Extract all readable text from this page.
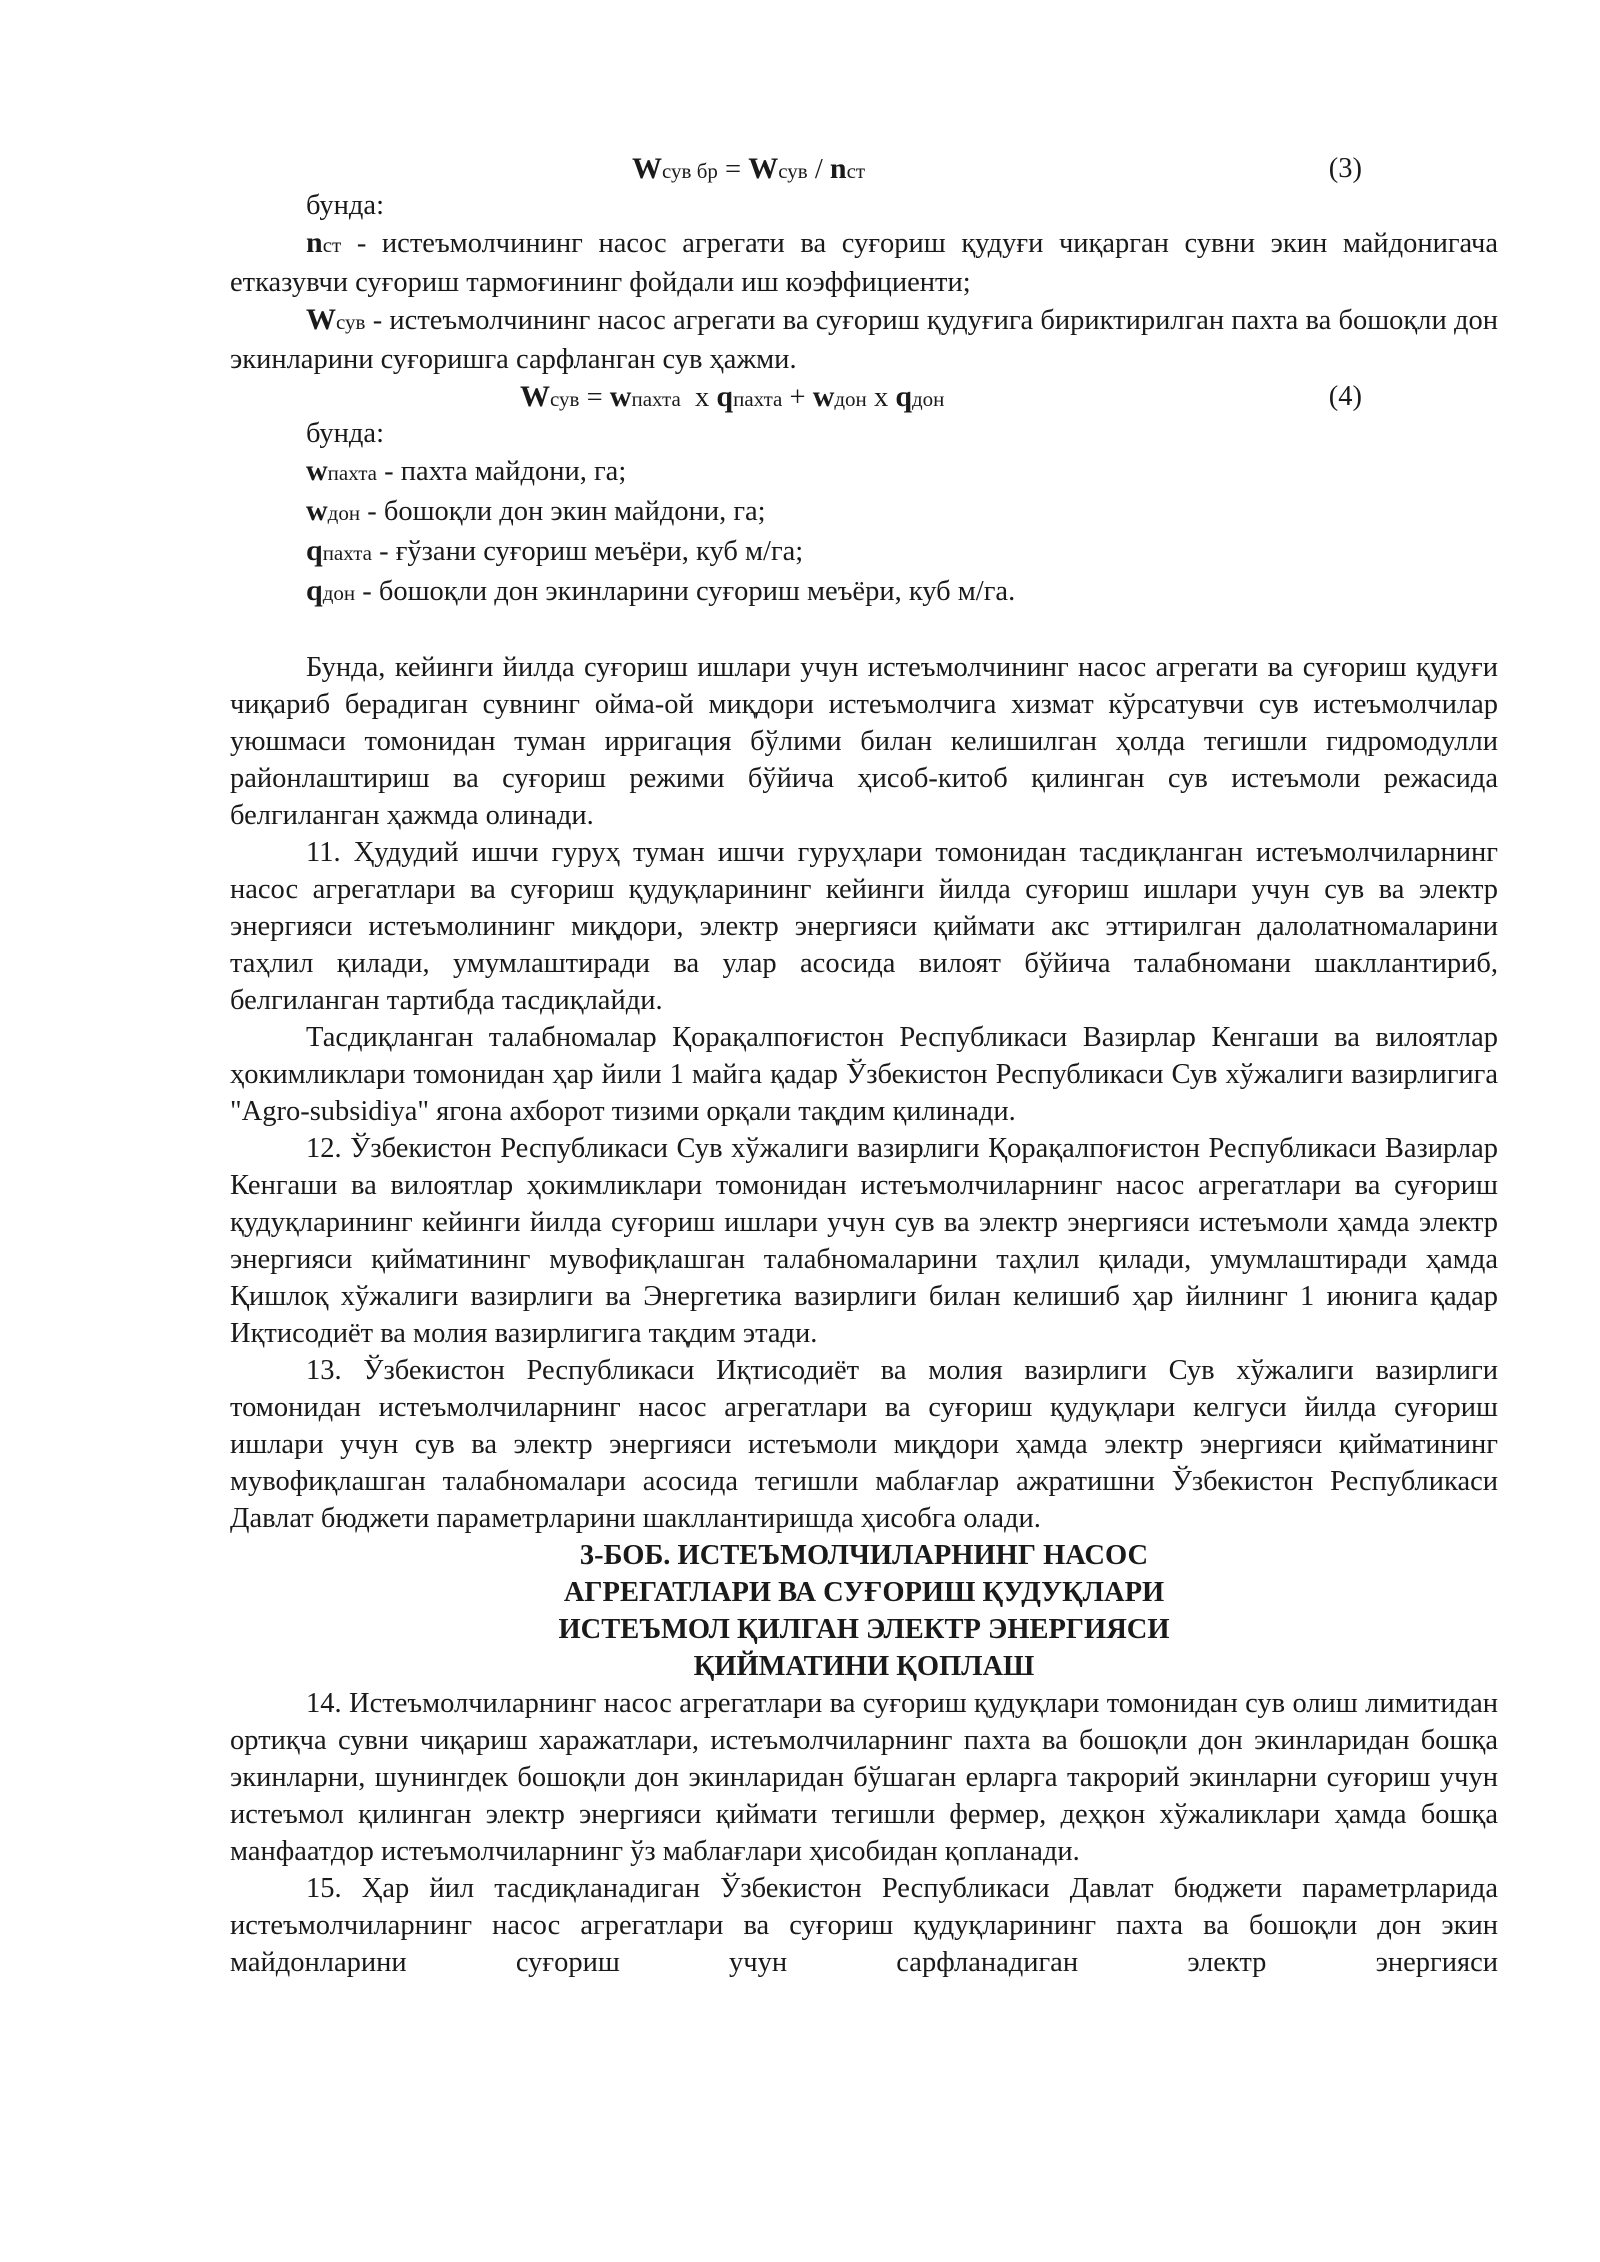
Wсув бр = Wсув / nст	(3)

бунда:

nст - истеъмолчининг насос агрегати ва суғориш қудуғи чиқарган сувни экин майдонигача етказувчи суғориш тармоғининг фойдали иш коэффициенти;

Wсув - истеъмолчининг насос агрегати ва суғориш қудуғига бириктирилган пахта ва бошоқли дон экинларини суғоришга сарфланган сув ҳажми.

Wсув = wпахта  x qпахта + wдон x qдон	(4)

бунда:

wпахта - пахта майдони, га;

wдон - бошоқли дон экин майдони, га;

qпахта - ғўзани суғориш меъёри, куб м/га;

qдон - бошоқли дон экинларини суғориш меъёри, куб м/га.

Бунда, кейинги йилда суғориш ишлари учун истеъмолчининг насос агрегати ва суғориш қудуғи чиқариб берадиган сувнинг ойма-ой миқдори истеъмолчига хизмат кўрсатувчи сув истеъмолчилар уюшмаси томонидан туман ирригация бўлими билан келишилган ҳолда тегишли гидромодулли районлаштириш ва суғориш режими бўйича ҳисоб-китоб қилинган сув истеъмоли режасида белгиланган ҳажмда олинади.

11. Ҳудудий ишчи гуруҳ туман ишчи гуруҳлари томонидан тасдиқланган истеъмолчиларнинг насос агрегатлари ва суғориш қудуқларининг кейинги йилда суғориш ишлари учун сув ва электр энергияси истеъмолининг миқдори, электр энергияси қиймати акс эттирилган далолатномаларини таҳлил қилади, умумлаштиради ва улар асосида вилоят бўйича талабномани шакллантириб, белгиланган тартибда тасдиқлайди.

Тасдиқланган талабномалар Қорақалпоғистон Республикаси Вазирлар Кенгаши ва вилоятлар ҳокимликлари томонидан ҳар йили 1 майга қадар Ўзбекистон Республикаси Сув хўжалиги вазирлигига "Agro-subsidiya" ягона ахборот тизими орқали тақдим қилинади.

12. Ўзбекистон Республикаси Сув хўжалиги вазирлиги Қорақалпоғистон Республикаси Вазирлар Кенгаши ва вилоятлар ҳокимликлари томонидан истеъмолчиларнинг насос агрегатлари ва суғориш қудуқларининг кейинги йилда суғориш ишлари учун сув ва электр энергияси истеъмоли ҳамда электр энергияси қийматининг мувофиқлашган талабномаларини таҳлил қилади, умумлаштиради ҳамда Қишлоқ хўжалиги вазирлиги ва Энергетика вазирлиги билан келишиб ҳар йилнинг 1 июнига қадар Иқтисодиёт ва молия вазирлигига тақдим этади.

13. Ўзбекистон Республикаси Иқтисодиёт ва молия вазирлиги Сув хўжалиги вазирлиги томонидан истеъмолчиларнинг насос агрегатлари ва суғориш қудуқлари келгуси йилда суғориш ишлари учун сув ва электр энергияси истеъмоли миқдори ҳамда электр энергияси қийматининг мувофиқлашган талабномалари асосида тегишли маблағлар ажратишни Ўзбекистон Республикаси Давлат бюджети параметрларини шакллантиришда ҳисобга олади.

3-БОБ. ИСТЕЪМОЛЧИЛАРНИНГ НАСОС

АГРЕГАТЛАРИ ВА СУҒОРИШ ҚУДУҚЛАРИ

ИСТЕЪМОЛ ҚИЛГАН ЭЛЕКТР ЭНЕРГИЯСИ

ҚИЙМАТИНИ ҚОПЛАШ

14. Истеъмолчиларнинг насос агрегатлари ва суғориш қудуқлари томонидан сув олиш лимитидан ортиқча сувни чиқариш харажатлари, истеъмолчиларнинг пахта ва бошоқли дон экинларидан бошқа экинларни, шунингдек бошоқли дон экинларидан бўшаган ерларга такрорий экинларни суғориш учун истеъмол қилинган электр энергияси қиймати тегишли фермер, деҳқон хўжаликлари ҳамда бошқа манфаатдор истеъмолчиларнинг ўз маблағлари ҳисобидан қопланади.

15. Ҳар йил тасдиқланадиган Ўзбекистон Республикаси Давлат бюджети параметрларида истеъмолчиларнинг насос агрегатлари ва суғориш қудуқларининг пахта ва бошоқли дон экин майдонларини суғориш учун сарфланадиган электр энергияси
